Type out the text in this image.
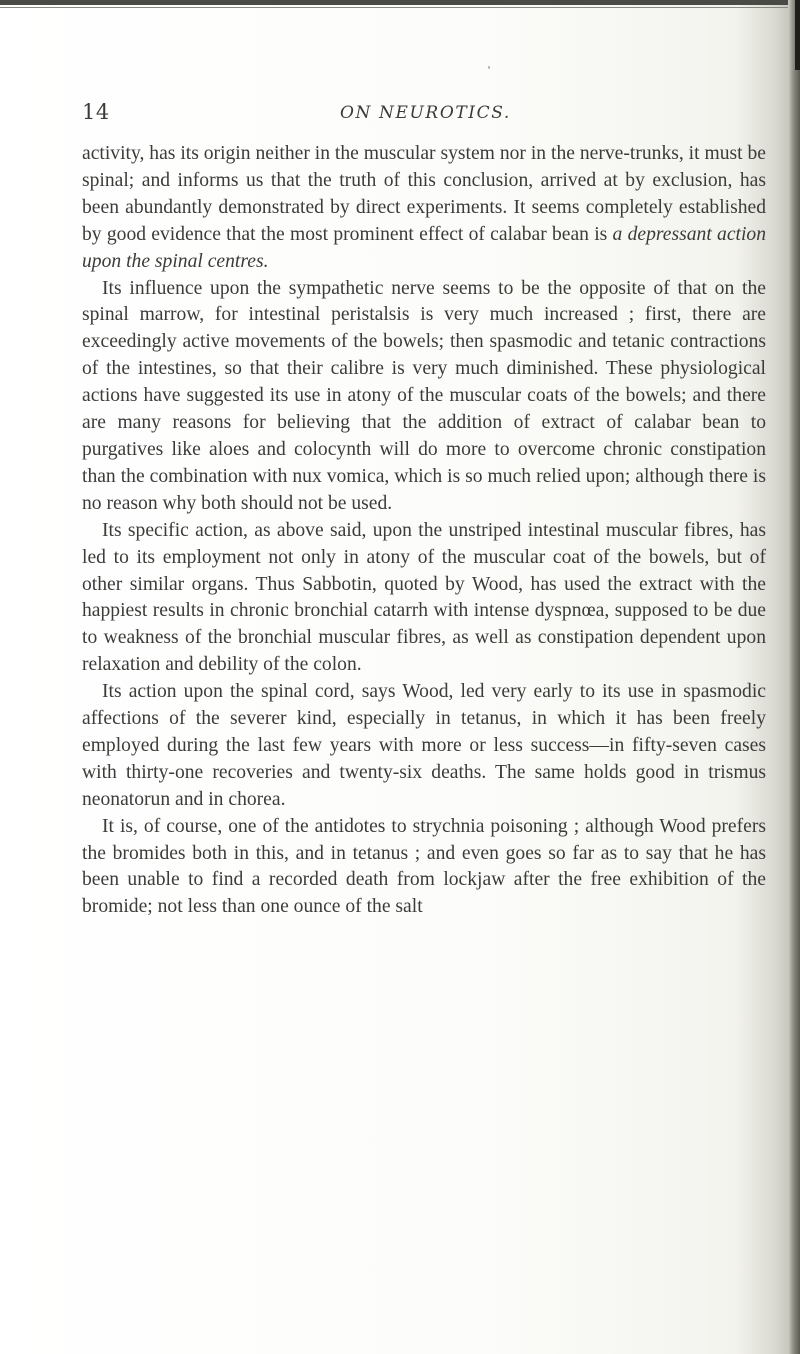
14	ON NEUROTICS.

activity, has its origin neither in the muscular system nor in the nerve-trunks, it must be spinal; and informs us that the truth of this conclusion, arrived at by exclusion, has been abundantly demonstrated by direct experiments. It seems completely established by good evidence that the most prominent effect of calabar bean is a depressant action upon the spinal centres.

Its influence upon the sympathetic nerve seems to be the opposite of that on the spinal marrow, for intestinal peristalsis is very much increased ; first, there are exceedingly active movements of the bowels; then spasmodic and tetanic contractions of the intestines, so that their calibre is very much diminished. These physiological actions have suggested its use in atony of the muscular coats of the bowels; and there are many reasons for believing that the addition of extract of calabar bean to purgatives like aloes and colocynth will do more to overcome chronic constipation than the combination with nux vomica, which is so much relied upon; although there is no reason why both should not be used.

Its specific action, as above said, upon the unstriped intestinal muscular fibres, has led to its employment not only in atony of the muscular coat of the bowels, but of other similar organs. Thus Sabbotin, quoted by Wood, has used the extract with the happiest results in chronic bronchial catarrh with intense dyspnœa, supposed to be due to weakness of the bronchial muscular fibres, as well as constipation dependent upon relaxation and debility of the colon.

Its action upon the spinal cord, says Wood, led very early to its use in spasmodic affections of the severer kind, especially in tetanus, in which it has been freely employed during the last few years with more or less success—in fifty-seven cases with thirty-one recoveries and twenty-six deaths. The same holds good in trismus neonatorun and in chorea.

It is, of course, one of the antidotes to strychnia poisoning ; although Wood prefers the bromides both in this, and in tetanus ; and even goes so far as to say that he has been unable to find a recorded death from lockjaw after the free exhibition of the bromide; not less than one ounce of the salt
